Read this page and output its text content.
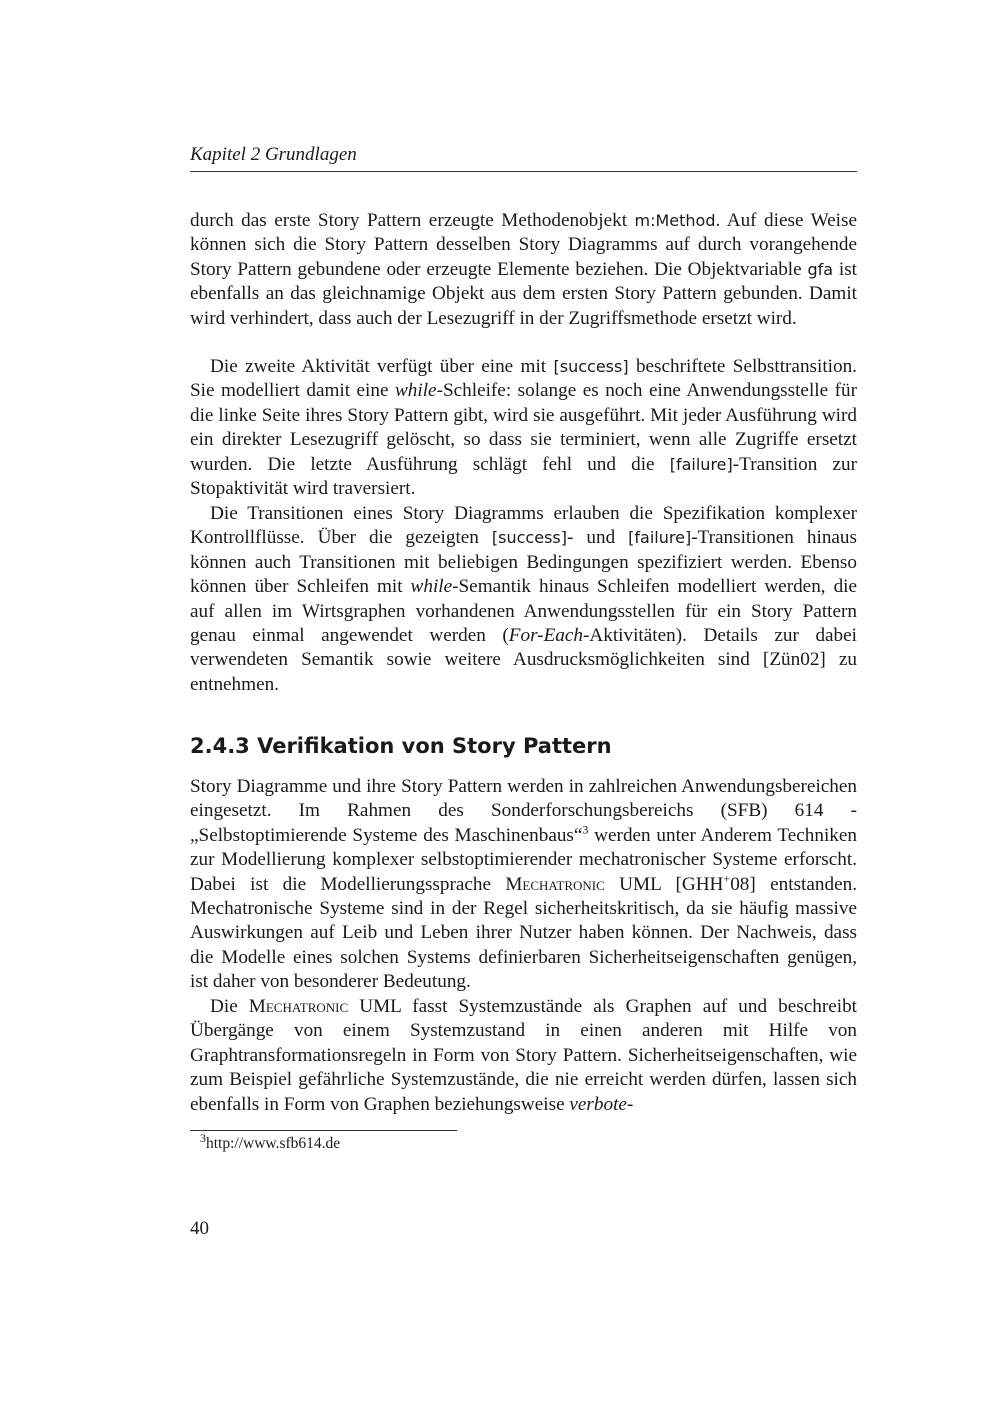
Kapitel 2 Grundlagen

durch das erste Story Pattern erzeugte Methodenobjekt m:Method. Auf diese Weise können sich die Story Pattern desselben Story Diagramms auf durch vorangehende Story Pattern gebundene oder erzeugte Elemente beziehen. Die Objektvariable gfa ist ebenfalls an das gleichnamige Objekt aus dem ersten Story Pattern gebunden. Damit wird verhindert, dass auch der Lesezugriff in der Zugriffsmethode ersetzt wird.

Die zweite Aktivität verfügt über eine mit [success] beschriftete Selbsttransition. Sie modelliert damit eine while-Schleife: solange es noch eine Anwendungsstelle für die linke Seite ihres Story Pattern gibt, wird sie ausgeführt. Mit jeder Ausführung wird ein direkter Lesezugriff gelöscht, so dass sie terminiert, wenn alle Zugriffe ersetzt wurden. Die letzte Ausführung schlägt fehl und die [failure]-Transition zur Stopaktivität wird traversiert.

Die Transitionen eines Story Diagramms erlauben die Spezifikation komplexer Kontrollflüsse. Über die gezeigten [success]- und [failure]-Transitionen hinaus können auch Transitionen mit beliebigen Bedingungen spezifiziert werden. Ebenso können über Schleifen mit while-Semantik hinaus Schleifen modelliert werden, die auf allen im Wirtsgraphen vorhandenen Anwendungsstellen für ein Story Pattern genau einmal angewendet werden (For-Each-Aktivitäten). Details zur dabei verwendeten Semantik sowie weitere Ausdrucksmöglichkeiten sind [Zün02] zu entnehmen.

2.4.3 Verifikation von Story Pattern

Story Diagramme und ihre Story Pattern werden in zahlreichen Anwendungsbereichen eingesetzt. Im Rahmen des Sonderforschungsbereichs (SFB) 614 - „Selbstoptimierende Systeme des Maschinenbaus“$^3$ werden unter Anderem Techniken zur Modellierung komplexer selbstoptimierender mechatronischer Systeme erforscht. Dabei ist die Modellierungssprache Mechatronic UML [GHH+08] entstanden. Mechatronische Systeme sind in der Regel sicherheitskritisch, da sie häufig massive Auswirkungen auf Leib und Leben ihrer Nutzer haben können. Der Nachweis, dass die Modelle eines solchen Systems definierbaren Sicherheitseigenschaften genügen, ist daher von besonderer Bedeutung.

Die Mechatronic UML fasst Systemzustände als Graphen auf und beschreibt Übergänge von einem Systemzustand in einen anderen mit Hilfe von Graphtransformationsregeln in Form von Story Pattern. Sicherheitseigenschaften, wie zum Beispiel gefährliche Systemzustände, die nie erreicht werden dürfen, lassen sich ebenfalls in Form von Graphen beziehungsweise verbote-

$^3$http://www.sfb614.de
40
